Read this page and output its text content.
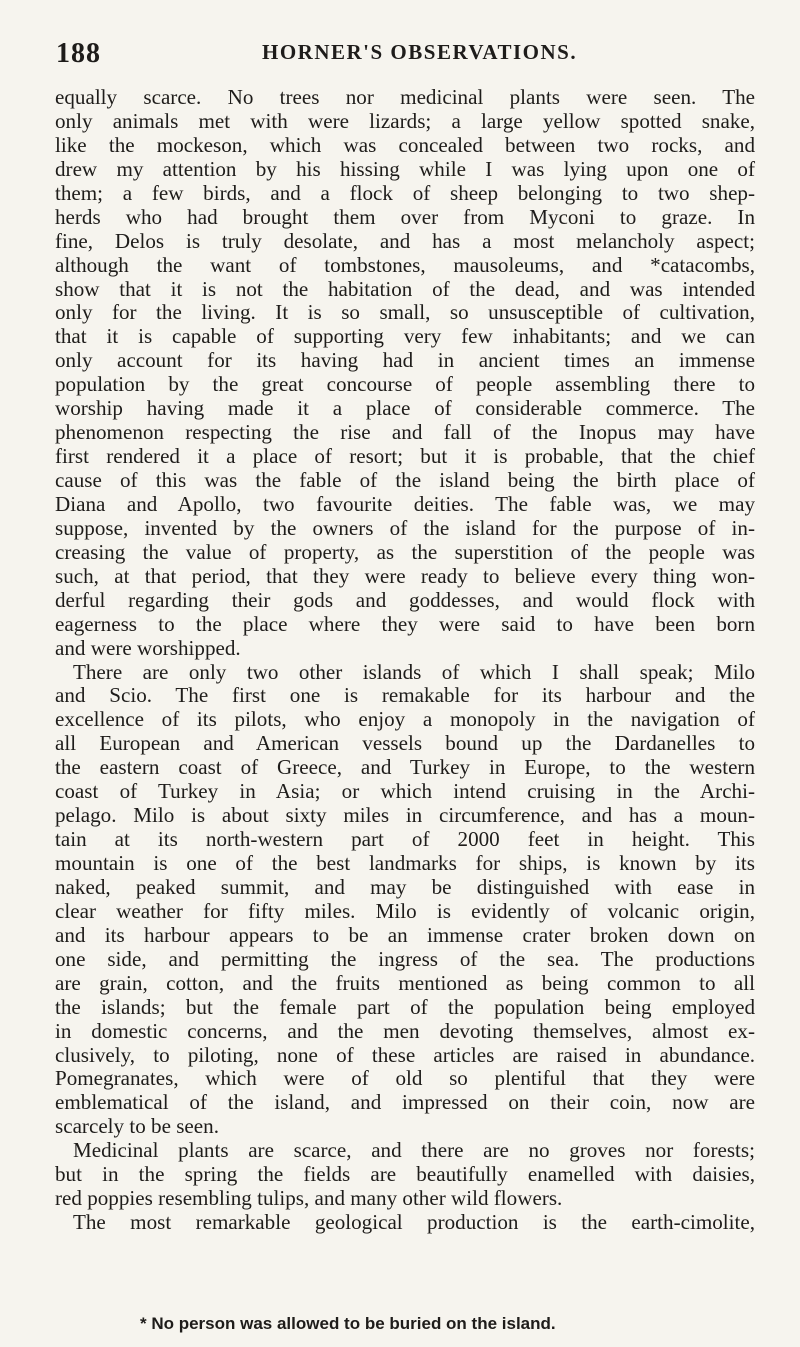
188	HORNER'S OBSERVATIONS.
equally scarce. No trees nor medicinal plants were seen. The
only animals met with were lizards; a large yellow spotted snake,
like the mockeson, which was concealed between two rocks, and
drew my attention by his hissing while I was lying upon one of
them; a few birds, and a flock of sheep belonging to two shep-
herds who had brought them over from Myconi to graze. In
fine, Delos is truly desolate, and has a most melancholy aspect;
although the want of tombstones, mausoleums, and *catacombs,
show that it is not the habitation of the dead, and was intended
only for the living. It is so small, so unsusceptible of cultivation,
that it is capable of supporting very few inhabitants; and we can
only account for its having had in ancient times an immense
population by the great concourse of people assembling there to
worship having made it a place of considerable commerce. The
phenomenon respecting the rise and fall of the Inopus may have
first rendered it a place of resort; but it is probable, that the chief
cause of this was the fable of the island being the birth place of
Diana and Apollo, two favourite deities. The fable was, we may
suppose, invented by the owners of the island for the purpose of in-
creasing the value of property, as the superstition of the people was
such, at that period, that they were ready to believe every thing won-
derful regarding their gods and goddesses, and would flock with
eagerness to the place where they were said to have been born
and were worshipped.
There are only two other islands of which I shall speak; Milo
and Scio. The first one is remakable for its harbour and the
excellence of its pilots, who enjoy a monopoly in the navigation of
all European and American vessels bound up the Dardanelles to
the eastern coast of Greece, and Turkey in Europe, to the western
coast of Turkey in Asia; or which intend cruising in the Archi-
pelago. Milo is about sixty miles in circumference, and has a moun-
tain at its north-western part of 2000 feet in height. This
mountain is one of the best landmarks for ships, is known by its
naked, peaked summit, and may be distinguished with ease in
clear weather for fifty miles. Milo is evidently of volcanic origin,
and its harbour appears to be an immense crater broken down on
one side, and permitting the ingress of the sea. The productions
are grain, cotton, and the fruits mentioned as being common to all
the islands; but the female part of the population being employed
in domestic concerns, and the men devoting themselves, almost ex-
clusively, to piloting, none of these articles are raised in abundance.
Pomegranates, which were of old so plentiful that they were
emblematical of the island, and impressed on their coin, now are
scarcely to be seen.
Medicinal plants are scarce, and there are no groves nor forests;
but in the spring the fields are beautifully enamelled with daisies,
red poppies resembling tulips, and many other wild flowers.
The most remarkable geological production is the earth-cimolite,
* No person was allowed to be buried on the island.
